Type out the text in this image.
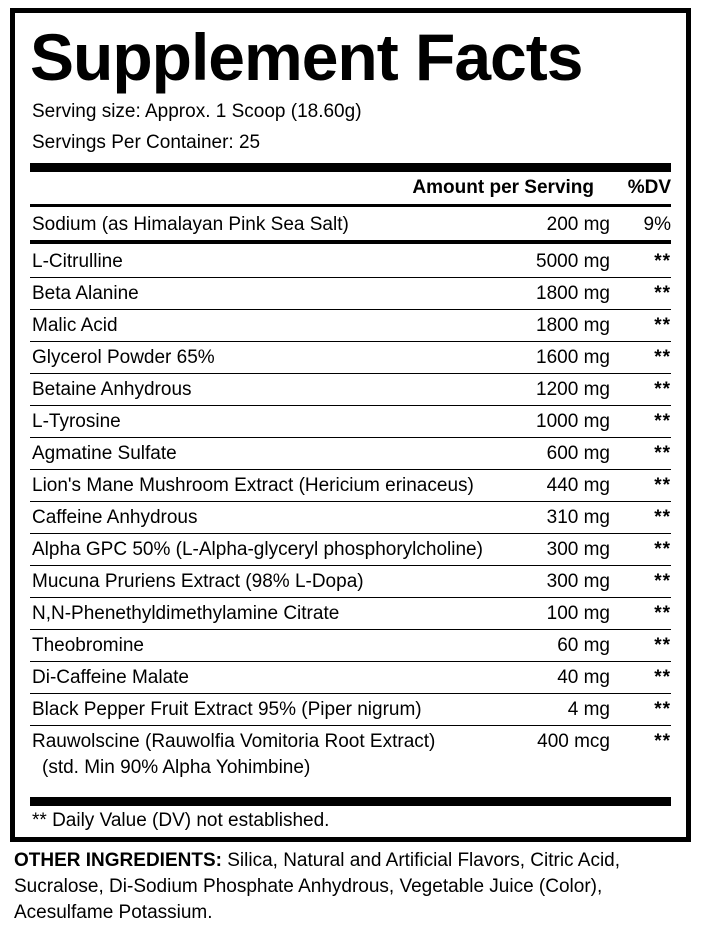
Supplement Facts
Serving size: Approx. 1 Scoop (18.60g)
Servings Per Container: 25
Amount per Serving %DV
Sodium (as Himalayan Pink Sea Salt)	200 mg 9%
L-Citrulline	5000 mg **
Beta Alanine	1800 mg **
Malic Acid	1800 mg **
Glycerol Powder 65%	1600 mg **
Betaine Anhydrous	1200 mg **
L-Tyrosine	1000 mg **
Agmatine Sulfate	600 mg **
Lion's Mane Mushroom Extract (Hericium erinaceus)	440 mg **
Caffeine Anhydrous	310 mg **
Alpha GPC 50% (L-Alpha-glyceryl phosphorylcholine)	300 mg **
Mucuna Pruriens Extract (98% L-Dopa)	300 mg **
N,N-Phenethyldimethylamine Citrate	100 mg **
Theobromine	60 mg **
Di-Caffeine Malate	40 mg **
Black Pepper Fruit Extract 95% (Piper nigrum)	4 mg **
Rauwolscine (Rauwolfia Vomitoria Root Extract)	400 mcg **
(std. Min 90% Alpha Yohimbine)
** Daily Value (DV) not established.
OTHER INGREDIENTS: Silica, Natural and Artificial Flavors, Citric Acid, Sucralose, Di-Sodium Phosphate Anhydrous, Vegetable Juice (Color), Acesulfame Potassium.
